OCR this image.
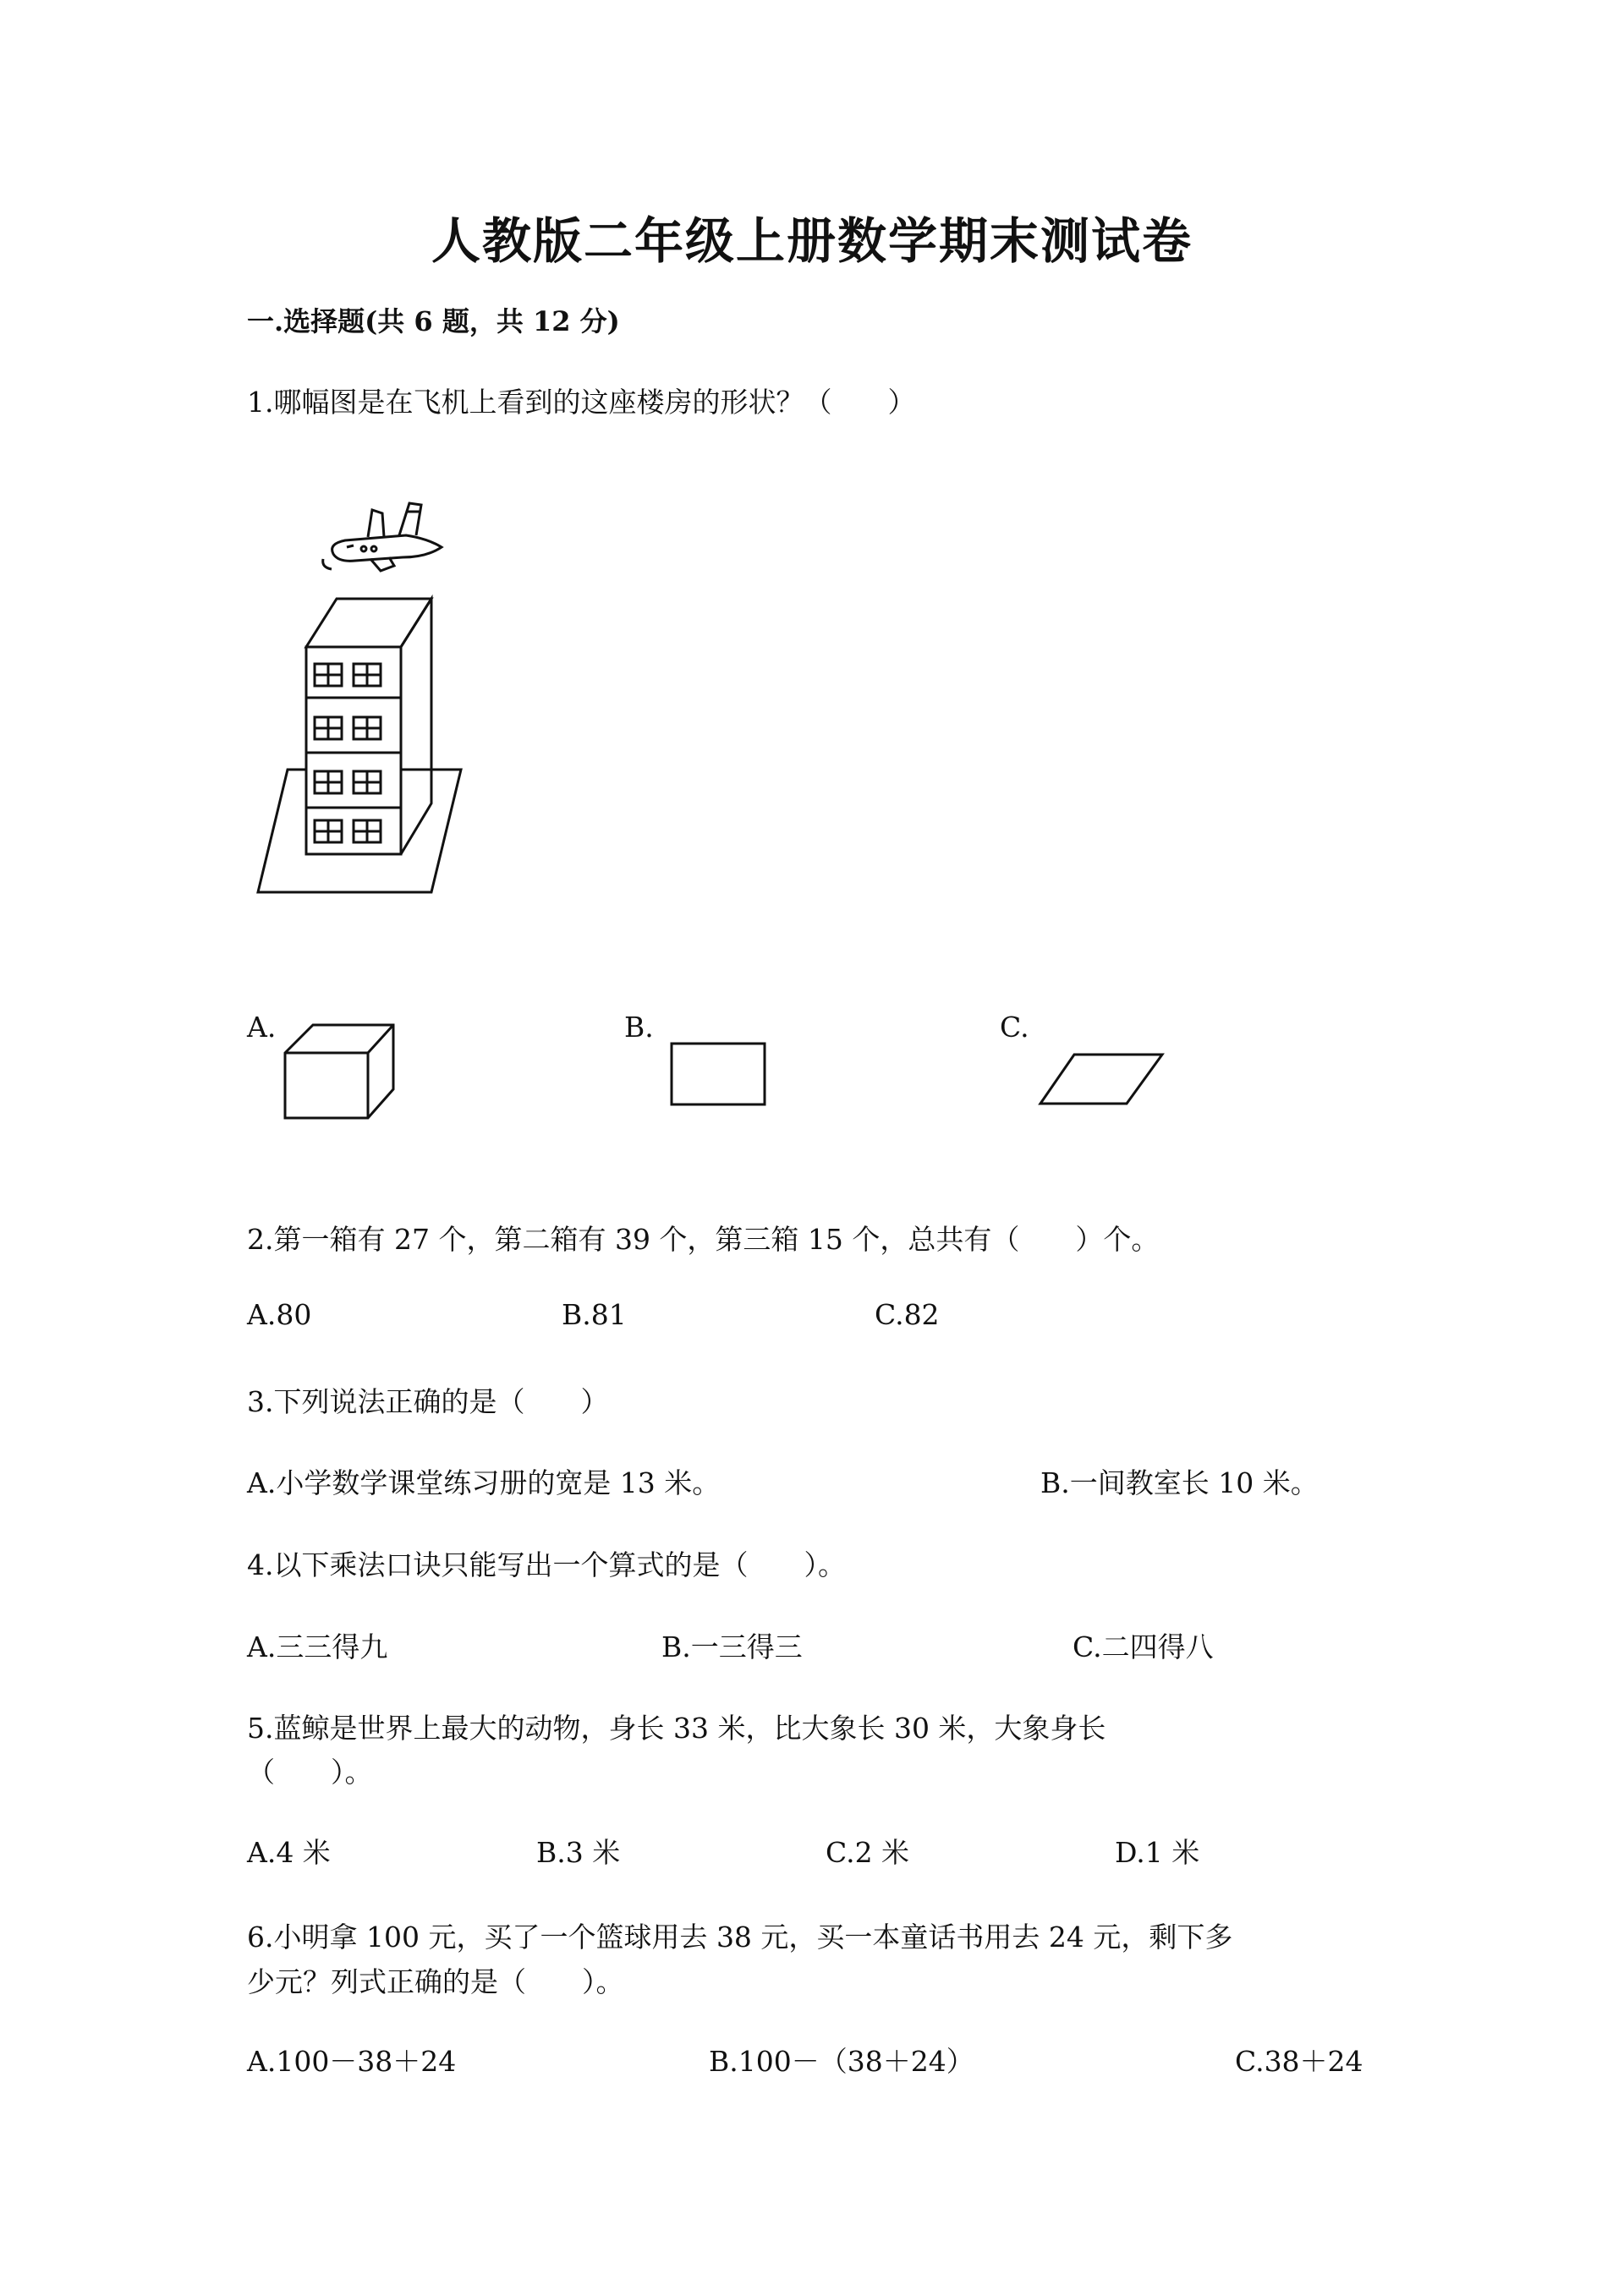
人教版二年级上册数学期末测试卷
一.选择题(共 6 题，共 12 分)
1.哪幅图是在飞机上看到的这座楼房的形状？（　　）
A.	B.	C.
2.第一箱有 27 个，第二箱有 39 个，第三箱 15 个，总共有（　　）个。
A.80	B.81	C.82
3.下列说法正确的是（　　）
A.小学数学课堂练习册的宽是 13 米。	B.一间教室长 10 米。
4.以下乘法口诀只能写出一个算式的是（　　）。
A.三三得九	B.一三得三	C.二四得八
5.蓝鲸是世界上最大的动物，身长 33 米，比大象长 30 米，大象身长
（　　）。
A.4 米	B.3 米	C.2 米	D.1 米
6.小明拿 100 元，买了一个篮球用去 38 元，买一本童话书用去 24 元，剩下多
少元？列式正确的是（　　）。
A.100－38＋24	B.100－（38＋24）	C.38＋24
